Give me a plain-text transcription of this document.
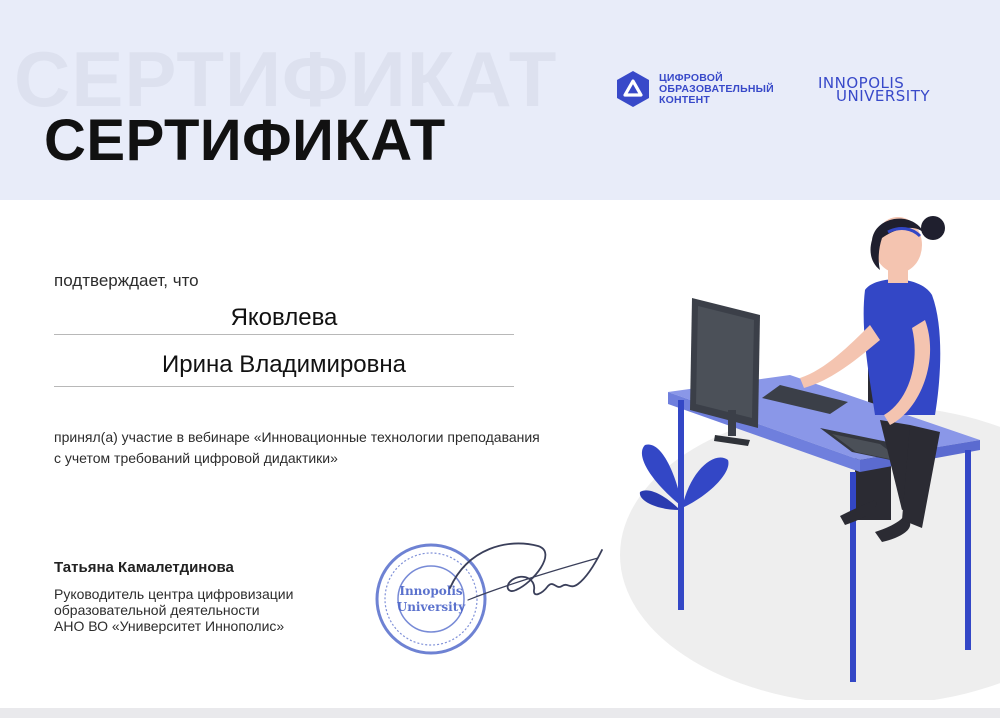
СЕРТИФИКАТ
СЕРТИФИКАТ
ЦИФРОВОЙ
ОБРАЗОВАТЕЛЬНЫЙ
КОНТЕНТ
INNOPOLIS
UNIVERSITY
подтверждает, что
Яковлева
Ирина Владимировна
принял(а) участие в вебинаре «Инновационные технологии преподавания
с учетом требований цифровой дидактики»
Татьяна Камалетдинова
Руководитель центра цифровизации
образовательной деятельности
АНО ВО «Университет Иннополис»
Innopolis
University
